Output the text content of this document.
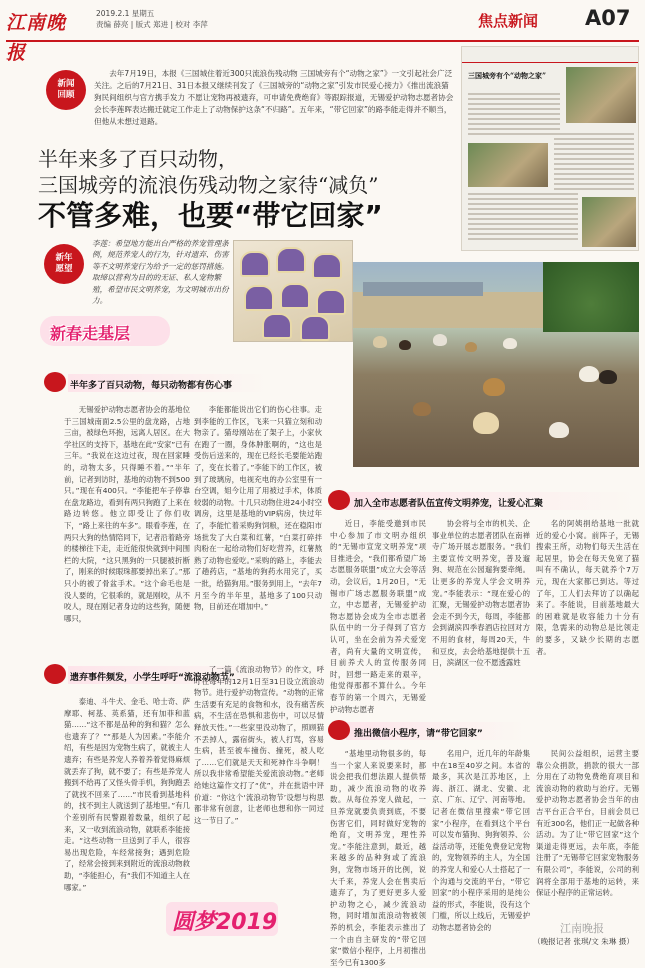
江南晚报
2019.2.1 星期五
责编 薛亮 | 版式 郑进 | 校对 李萍	焦点新闻 A07
新闻
回顾
去年7月19日，本报《三国城住着近300只流浪伤残动物 三国城旁有个“动物之家”》一文引起社会广泛关注。之后的7月21日、31日本报又继续刊发了《三国城旁的“动物之家”引发市民爱心接力》《推出流浪猫狗民间组织与官方携手发力 不愿让宠物再被遗弃，可申请免费绝育》等跟踪报道，无锡爱护动物志愿者协会会长李莲晖表达搬迁就定工作走上了动物保护这条“不归路”。五年来，“带它回家”的路李能走得并不顺当，但他从未想过退路。
三国城旁有个“动物之家”
半年来多了百只动物，
三国城旁的流浪伤残动物之家待“减负”
不管多难，也要“带它回家”
新年
愿望
李莲：希望地方能出台严格的养宠管理条例，规范养宠人的行为，针对遗弃、伤害等不文明养宠行为给予一定的惩罚措施。取缔以营利为目的的无证、私人宠物繁殖，希望市民文明养宠，为文明城市出份力。
新春走基层
半年多了百只动物，每只动物都有伤心事
无锡爱护动物志愿者协会的基地位于三国城南面2.5公里的盘龙路，占地三亩，被绿色环抱，远离人居区。在大学社区的支持下，基地在此“安家”已有三年。“我说在这边过夜，现在回家睡的，动物太多，只得睡不着。”“半年前，记者到访时，基地的动物不到500只。”现在有400只。“李能把车子停靠在盘龙路边，看到有两只狗跑了上来在路边转悠。他立即受让了你们收下，“路上来往的车多”。眼看李莲，在两只大狗的热情陪同下，记者沿着路旁的楼梯往下走，走近能很快就到中间围栏的大院，“这只黑狗的一只腿被折断了，刚来的时候眼珠都要掉出来了。”那只小的被了骨盆手术。“这个命毛也是没人要的，它很乖的，就是刚咬，从不咬人，现在刚记者身边的这些狗，随便哪只，
李能都能说出它们的伤心往事。走到李能的工作区，飞来一只猫立刻和动物亲了。猫母刚站在了架子上，小家伙在跑了一圈，身体肿胀啊的，“这也是受伤后送来的，现在已经长毛要能站跑了，变在长着了。”李能下的工作区，被到了玻璃房，电视充电的办公室里有一台空调，姐今让用了用被过手术，体质较弱的动物。十几只动物住进24小时空调房，这里是基地的VIP病房，快过年了，李能忙着采购狗饲粮，还在稳阳市场批发了大白菜和红薯，“白菜打碎拌肉粉在一起给动物们好吃营养，红薯熬熟了动物也爱吃。”采购的路上，李能去了趟药店，“基地的狗药水用完了，买一批，给猫狗用。”服务到用上，“去年7月至今的半年里，基地多了100只动物，目前还在增加中。”
加入全市志愿者队伍宣传文明养宠，让爱心汇聚
近日，李能受邀到市民中心参加了市文明办组织的“无锡市宣宠文明养宠”项目推进会，“我们都希望广场志愿服务联盟”成立大会等活动，会议后，1月20日，“无锡市广场志愿服务联盟”成立，中志愿者，无锡爱护动物志愿协会成为全市志愿者队伍中的一分子得到了官方认可，坐在会前为养犬爱宠者，尚有大量的文明宣传，目前养犬人的宣传服务同时，回想一路走来的艰辛，他觉得那都不算什么。今年春节的第一个周六，无锡爱护动物志愿者
协会将与全市的机关、企事业单位的志愿者团队在南禅寺广场开展志愿服务。“我们主要宣传文明养宠，普及遛狗、规范在公园遛狗要牵绳。让更多的养宠人学会文明养宠。”李能表示：“现在爱心的汇聚，无锡爱护动物志愿者协会走不到今天，每周，李能都会到湖滨四季春酒店拉回对方不用的食材，每周20天，牛和豆皮，去会给基地提供十五日，滨湖区一位不愿透露姓
名的阿姨捐给基地一批就近的爱心小窝。前阵子，无锡搜索王所，动物们每天生活在起居里，协会在每天免宽了猫叫有不确认，每天就养个7万元，现在大家都已到达。等过了年，工人们去拜访了以确起来了。李能说，目前基地最大的困难就是收容能力十分有限，急需来的动物总是比领走的要多，又缺少长期的志愿者。
遗弃事件频发，小学生呼吁“流浪动物节”
泰迪、斗牛犬、金毛、哈士奇、萨摩耶、柯基、英系猫，还有加菲和蓝猫……“这不都是品种的狗和猫？怎么也遗弃了？”“那是人为因素。”李能介绍，有些是因为宠物生病了，就被主人遗弃；有些是养宠人养着养着觉得麻烦就丢弃了狗，就不要了；有些是养宠人搬到不给再了又怪头骨手机，狗狗跑丢了就找不回来了……“市民看到基地科的，找不到主人就送到了基地里。”有几个差别所有民警跟着数量，组织了起来，又一收到流浪动物，就联系李能接走。“这些动物一旦送到了手人，很容易出现危险，车经常接狗；遇到危险了，经常会接到来到附近的流浪动物救助，“李能担心，有“我们不知道主人在哪家。”
了一篇《流浪动物节》的作文，呼吁在每年的12月1日至31日设立流浪动物节。进行爱护动物宣传。“动物的正常生活要有充足的食物和水，没有痛苦疾病，不生活在恐惧和悲伤中，可以尽情释放天性。”一些家里没动物了，照顾猫不丢掉人，露宿街头，被人打骂，容易生病，甚至被车撞伤、撞死，被人吃了……它们就是天天和死神作斗争啊！所以我非常希望能关爱流浪动物。”老师给她这篇作文打了“优”，并在批语中评价道：“你这个‘流浪动物节’设想与构思都非常有创意，让老师也想和你一同过这一节日了。”
推出微信小程序，请“带它回家”
“基地里动物很多的，每当一个家人来说要来时，都说会把我们想法跟人提供帮助，减少流浪动物的收养数。从每位养宠人做起，一旦养宠就要负责到底，不要伤害它们，同时做好宠物的绝育，文明养宠，理性养宠。”李能注意到，最近，越来越多的品种狗或了流浪狗，宠物市场开的比例，说大千来，养宠人会在售卖后遗弃了，为了更好更多人爱护动物之心，减少流浪动物，同时增加流浪动物被领养的机会，李能表示推出了一个由自主研发的“带它回家”微信小程序，上月初推出至今已有1300多
名用户，近几年的年龄集中在18至40岁之间。本省的最多，其次是江苏地区，上海、浙江、湖北、安徽、北京、广东、辽宁、河南等地。记者在微信里搜索“带它回家”小程序，在看到这个平台可以发布猫狗、狗狗领养、公益活动等，还能免费登记宠物的，宠物领养的主人，为全国的养宠人和爱心人士搭起了一个沟通与交流的平台，“带它回家”的小程序采用的是纯公益的形式，李能说，没有这个门槛，所以上线后，无锡爱护动物志愿者协会的
民间公益组织，运营主要靠公众捐款，捐款的很大一部分用在了动物免费绝育项目和流浪动物的救助与治疗。无锡爱护动物志愿者协会当年的由吉平台正合平台，目前会员已有近300名，他们正一起做各种活动。为了让“带它回家”这个渠道走得更远，去年底，李能注册了“无锡带它回家宠物服务有限公司”，李能说，公司的利润将全部用于基地的运转，来保证小程序的正常运转。
圆梦2019
（晚报记者 张琪/文 朱琳 摄）
江南晚报
